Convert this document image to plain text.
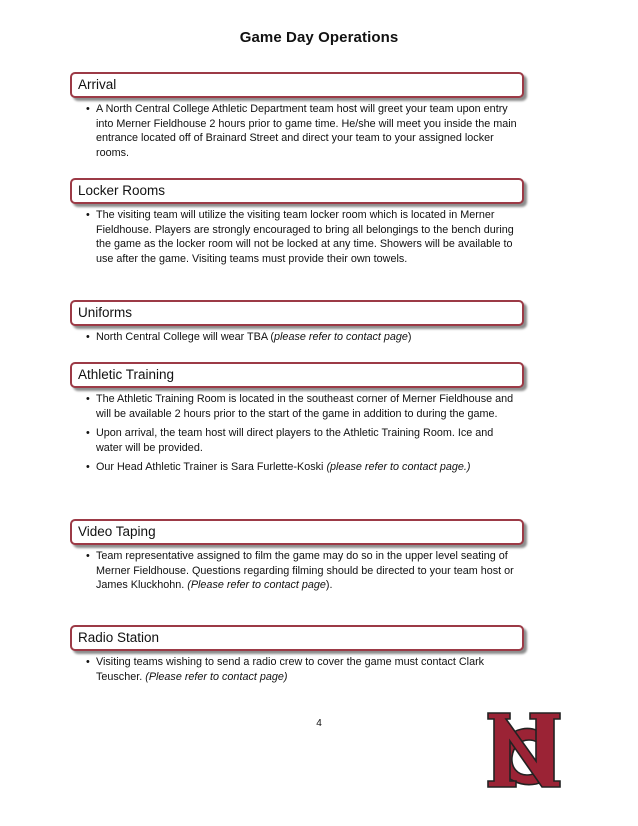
Game Day Operations
Arrival
• A North Central College Athletic Department team host will greet your team upon entry into Merner Fieldhouse 2 hours prior to game time. He/she will meet you inside the main entrance located off of Brainard Street and direct your team to your assigned locker rooms.
Locker Rooms
• The visiting team will utilize the visiting team locker room which is located in Merner Fieldhouse. Players are strongly encouraged to bring all belongings to the bench during the game as the locker room will not be locked at any time. Showers will be available to use after the game. Visiting teams must provide their own towels.
Uniforms
• North Central College will wear TBA (please refer to contact page)
Athletic Training
• The Athletic Training Room is located in the southeast corner of Merner Fieldhouse and will be available 2 hours prior to the start of the game in addition to during the game.
• Upon arrival, the team host will direct players to the Athletic Training Room. Ice and water will be provided.
• Our Head Athletic Trainer is Sara Furlette-Koski (please refer to contact page.)
Video Taping
• Team representative assigned to film the game may do so in the upper level seating of Merner Fieldhouse. Questions regarding filming should be directed to your team host or James Kluckhohn. (Please refer to contact page).
Radio Station
• Visiting teams wishing to send a radio crew to cover the game must contact Clark Teuscher. (Please refer to contact page)
4
